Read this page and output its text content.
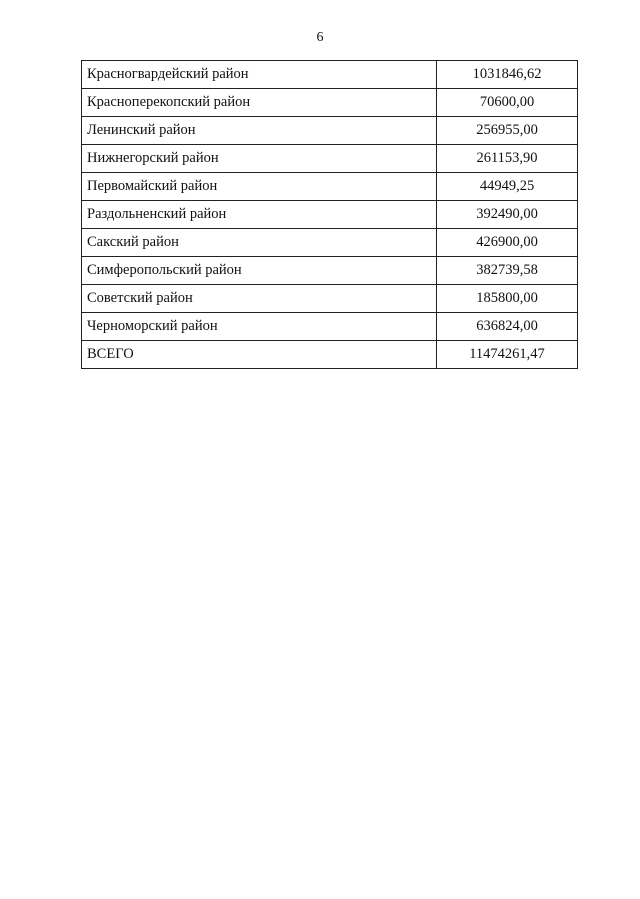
6
Красногвардейский район	1031846,62
Красноперекопский район	70600,00
Ленинский район	256955,00
Нижнегорский район	261153,90
Первомайский район	44949,25
Раздольненский район	392490,00
Сакский район	426900,00
Симферопольский район	382739,58
Советский район	185800,00
Черноморский район	636824,00
ВСЕГО	11474261,47
